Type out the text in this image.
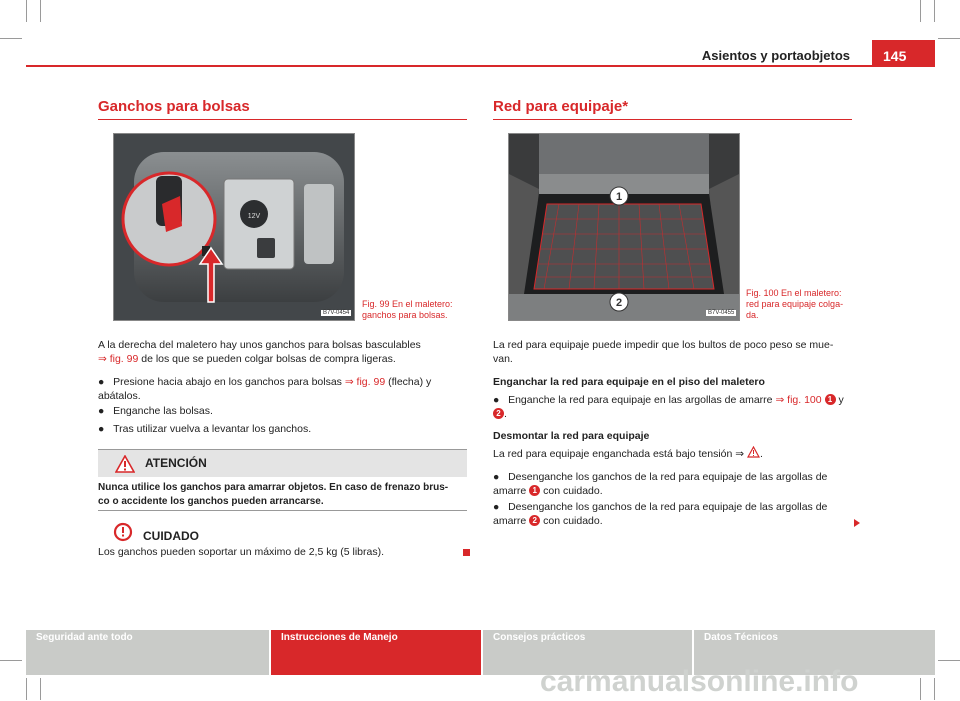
Asientos y portaobjetos	145
Ganchos para bolsas
12V
B7V-0454
Fig. 99 En el maletero:
ganchos para bolsas.
A la derecha del maletero hay unos ganchos para bolsas basculables
⇒ fig. 99 de los que se pueden colgar bolsas de compra ligeras.
●   Presione hacia abajo en los ganchos para bolsas ⇒ fig. 99 (flecha) y
abátalos.
●   Enganche las bolsas.
●   Tras utilizar vuelva a levantar los ganchos.
ATENCIÓN
Nunca utilice los ganchos para amarrar objetos. En caso de frenazo brus-
co o accidente los ganchos pueden arrancarse.
CUIDADO
Los ganchos pueden soportar un máximo de 2,5 kg (5 libras).
Red para equipaje*
1
2
B7V-0455
Fig. 100 En el maletero:
red para equipaje colga-
da.
La red para equipaje puede impedir que los bultos de poco peso se mue-
van.
Enganchar la red para equipaje en el piso del maletero
●   Enganche la red para equipaje en las argollas de amarre ⇒ fig. 100 1 y
2 .
Desmontar la red para equipaje
La red para equipaje enganchada está bajo tensión ⇒ .
●   Desenganche los ganchos de la red para equipaje de las argollas de
amarre 1 con cuidado.
●   Desenganche los ganchos de la red para equipaje de las argollas de
amarre 2 con cuidado.
Seguridad ante todo	Instrucciones de Manejo	Consejos prácticos	Datos Técnicos
carmanualsonline.info
